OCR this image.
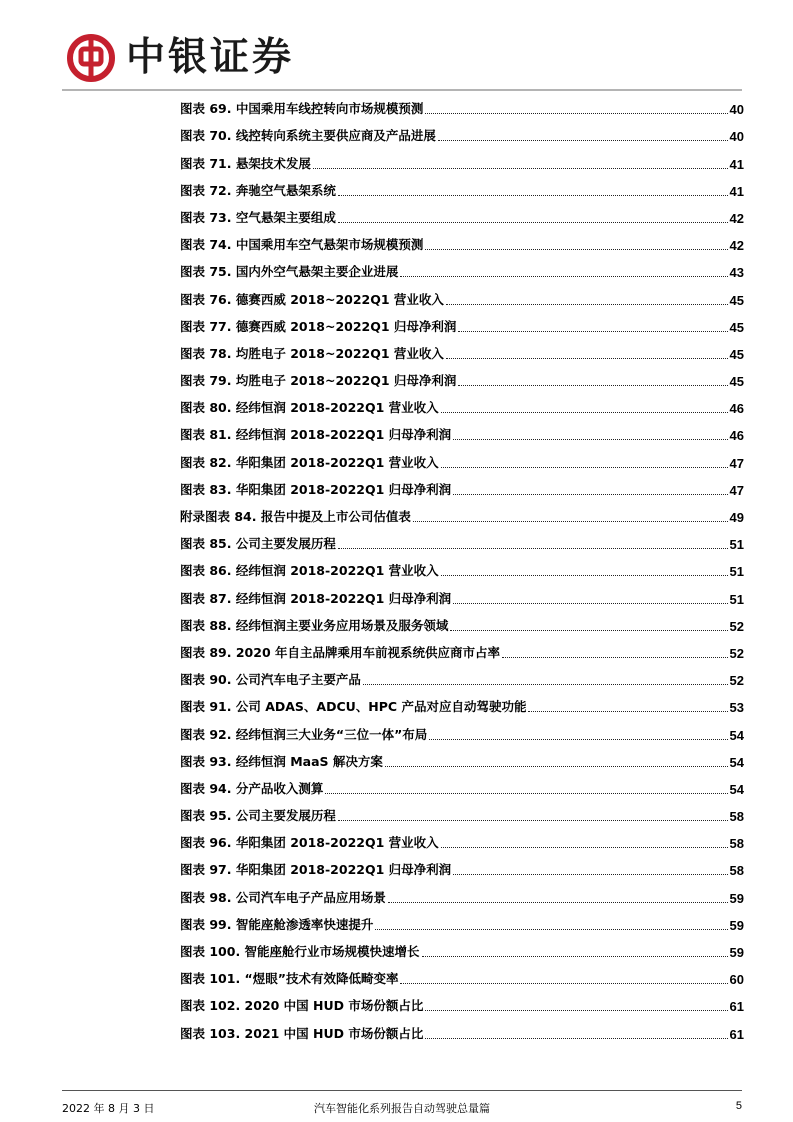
中银证券
图表 69. 中国乘用车线控转向市场规模预测	40
图表 70. 线控转向系统主要供应商及产品进展	40
图表 71. 悬架技术发展	41
图表 72. 奔驰空气悬架系统	41
图表 73. 空气悬架主要组成	42
图表 74. 中国乘用车空气悬架市场规模预测	42
图表 75. 国内外空气悬架主要企业进展	43
图表 76. 德赛西威 2018~2022Q1 营业收入	45
图表 77. 德赛西威 2018~2022Q1 归母净利润	45
图表 78. 均胜电子 2018~2022Q1 营业收入	45
图表 79. 均胜电子 2018~2022Q1 归母净利润	45
图表 80. 经纬恒润 2018-2022Q1 营业收入	46
图表 81. 经纬恒润 2018-2022Q1 归母净利润	46
图表 82. 华阳集团 2018-2022Q1 营业收入	47
图表 83. 华阳集团 2018-2022Q1 归母净利润	47
附录图表 84. 报告中提及上市公司估值表	49
图表 85. 公司主要发展历程	51
图表 86. 经纬恒润 2018-2022Q1 营业收入	51
图表 87. 经纬恒润 2018-2022Q1 归母净利润	51
图表 88. 经纬恒润主要业务应用场景及服务领域	52
图表 89. 2020 年自主品牌乘用车前视系统供应商市占率	52
图表 90. 公司汽车电子主要产品	52
图表 91. 公司 ADAS、ADCU、HPC 产品对应自动驾驶功能	53
图表 92. 经纬恒润三大业务“三位一体”布局	54
图表 93. 经纬恒润 MaaS 解决方案	54
图表 94. 分产品收入测算	54
图表 95. 公司主要发展历程	58
图表 96. 华阳集团 2018-2022Q1 营业收入	58
图表 97. 华阳集团 2018-2022Q1 归母净利润	58
图表 98. 公司汽车电子产品应用场景	59
图表 99. 智能座舱渗透率快速提升	59
图表 100. 智能座舱行业市场规模快速增长	59
图表 101. “煜眼”技术有效降低畸变率	60
图表 102. 2020 中国 HUD 市场份额占比	61
图表 103. 2021 中国 HUD 市场份额占比	61
2022 年 8 月 3 日	汽车智能化系列报告自动驾驶总量篇	5
